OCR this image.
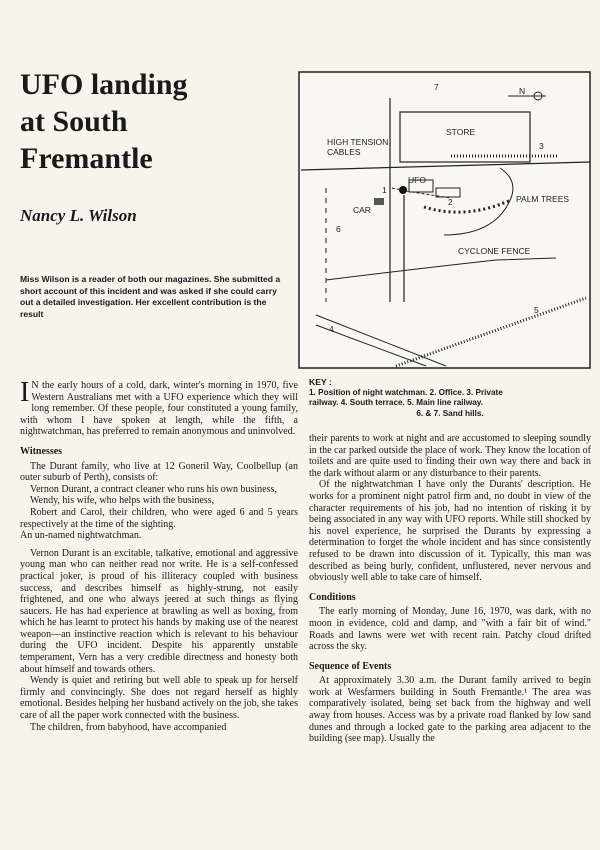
UFO landing
at South
Fremantle

Nancy L. Wilson

Miss Wilson is a reader of both our magazines. She submitted a short account of this incident and was asked if she could carry out a detailed investigation. Her excellent contribution is the result

N
STORE
HIGH TENSION
CABLES
UFO
CAR
PALM TREES
CYCLONE FENCE
1
2
3
4
5
6
7
KEY :
1. Position of night watchman. 2. Office. 3. Private
railway. 4. South terrace. 5. Main line railway.
6. & 7. Sand hills.

I N the early hours of a cold, dark, winter's morning in 1970, five Western Australians met with a UFO experience which they will long remember. Of these people, four constituted a young family, with whom I have spoken at length, while the fifth, a nightwatchman, has preferred to remain anonymous and uninvolved.

Witnesses

The Durant family, who live at 12 Goneril Way, Coolbellup (an outer suburb of Perth), consists of:

Vernon Durant, a contract cleaner who runs his own business,

Wendy, his wife, who helps with the business,

Robert and Carol, their children, who were aged 6 and 5 years respectively at the time of the sighting.

An un-named nightwatchman.

Vernon Durant is an excitable, talkative, emotional and aggressive young man who can neither read nor write. He is a self-confessed practical joker, is proud of his illiteracy coupled with business success, and describes himself as highly-strung, not easily frightened, and one who always jeered at such things as flying saucers. He has had experience at brawling as well as boxing, from which he has learnt to protect his hands by making use of the nearest weapon—an instinctive reaction which is relevant to his behaviour during the UFO incident. Despite his apparently unstable temperament, Vern has a very credible directness and honesty both about himself and towards others.

Wendy is quiet and retiring but well able to speak up for herself firmly and convincingly. She does not regard herself as highly emotional. Besides helping her husband actively on the job, she takes care of all the paper work connected with the business.

The children, from babyhood, have accompanied

their parents to work at night and are accustomed to sleeping soundly in the car parked outside the place of work. They know the location of toilets and are quite used to finding their own way there and back in the dark without alarm or any disturbance to their parents.

Of the nightwatchman I have only the Durants' description. He works for a prominent night patrol firm and, no doubt in view of the character requirements of his job, had no intention of risking it by being associated in any way with UFO reports. While still shocked by his novel experience, he surprised the Durants by expressing a determination to forget the whole incident and has since consistently refused to be drawn into discussion of it. Typically, this man was described as being burly, confident, unflustered, never nervous and obviously well able to take care of himself.

Conditions

The early morning of Monday, June 16, 1970, was dark, with no moon in evidence, cold and damp, and "with a fair bit of wind." Roads and lawns were wet with recent rain. Patchy cloud drifted across the sky.

Sequence of Events

At approximately 3.30 a.m. the Durant family arrived to begin work at Wesfarmers building in South Fremantle.¹ The area was comparatively isolated, being set back from the highway and well away from houses. Access was by a private road flanked by low sand dunes and through a locked gate to the parking area adjacent to the building (see map). Usually the
